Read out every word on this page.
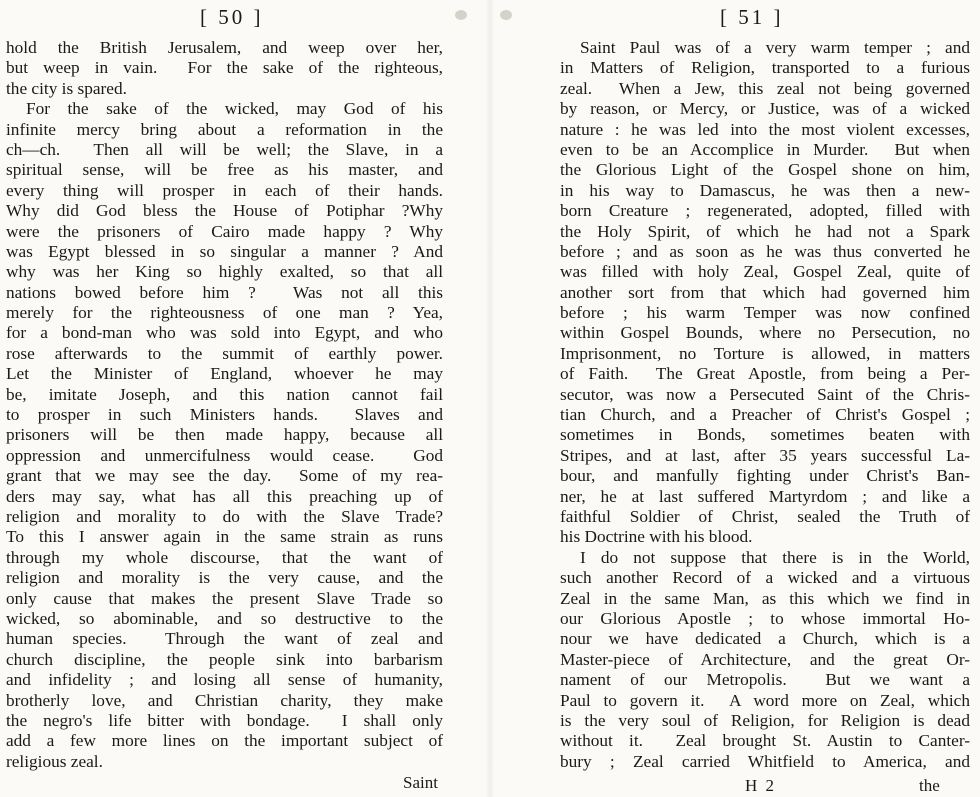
[ 50 ]
hold the British Jerusalem, and weep over her,
but weep in vain.  For the sake of the righteous,
the city is spared.
For the sake of the wicked, may God of his
infinite mercy bring about a reformation in the
ch—ch.  Then all will be well; the Slave, in a
spiritual sense, will be free as his master, and
every thing will prosper in each of their hands.
Why did God bless the House of Potiphar ?Why
were the prisoners of Cairo made happy ? Why
was Egypt blessed in so singular a manner ? And
why was her King so highly exalted, so that all
nations bowed before him ?  Was not all this
merely for the righteousness of one man ? Yea,
for a bond-man who was sold into Egypt, and who
rose afterwards to the summit of earthly power.
Let the Minister of England, whoever he may
be, imitate Joseph, and this nation cannot fail
to prosper in such Ministers hands.  Slaves and
prisoners will be then made happy, because all
oppression and unmercifulness would cease.  God
grant that we may see the day.  Some of my rea-
ders may say, what has all this preaching up of
religion and morality to do with the Slave Trade?
To this I answer again in the same strain as runs
through my whole discourse, that the want of
religion and morality is the very cause, and the
only cause that makes the present Slave Trade so
wicked, so abominable, and so destructive to the
human species.  Through the want of zeal and
church discipline, the people sink into barbarism
and infidelity ; and losing all sense of humanity,
brotherly love, and Christian charity, they make
the negro's life bitter with bondage.  I shall only
add a few more lines on the important subject of
religious zeal.
Saint
[ 51 ]
Saint Paul was of a very warm temper ; and
in Matters of Religion, transported to a furious
zeal.  When a Jew, this zeal not being governed
by reason, or Mercy, or Justice, was of a wicked
nature : he was led into the most violent excesses,
even to be an Accomplice in Murder.  But when
the Glorious Light of the Gospel shone on him,
in his way to Damascus, he was then a new-
born Creature ; regenerated, adopted, filled with
the Holy Spirit, of which he had not a Spark
before ; and as soon as he was thus converted he
was filled with holy Zeal, Gospel Zeal, quite of
another sort from that which had governed him
before ; his warm Temper was now confined
within Gospel Bounds, where no Persecution, no
Imprisonment, no Torture is allowed, in matters
of Faith.  The Great Apostle, from being a Per-
secutor, was now a Persecuted Saint of the Chris-
tian Church, and a Preacher of Christ's Gospel ;
sometimes in Bonds, sometimes beaten with
Stripes, and at last, after 35 years successful La-
bour, and manfully fighting under Christ's Ban-
ner, he at last suffered Martyrdom ; and like a
faithful Soldier of Christ, sealed the Truth of
his Doctrine with his blood.
I do not suppose that there is in the World,
such another Record of a wicked and a virtuous
Zeal in the same Man, as this which we find in
our Glorious Apostle ; to whose immortal Ho-
nour we have dedicated a Church, which is a
Master-piece of Architecture, and the great Or-
nament of our Metropolis.  But we want a
Paul to govern it.  A word more on Zeal, which
is the very soul of Religion, for Religion is dead
without it.  Zeal brought St. Austin to Canter-
bury ; Zeal carried Whitfield to America, and
H 2	the
